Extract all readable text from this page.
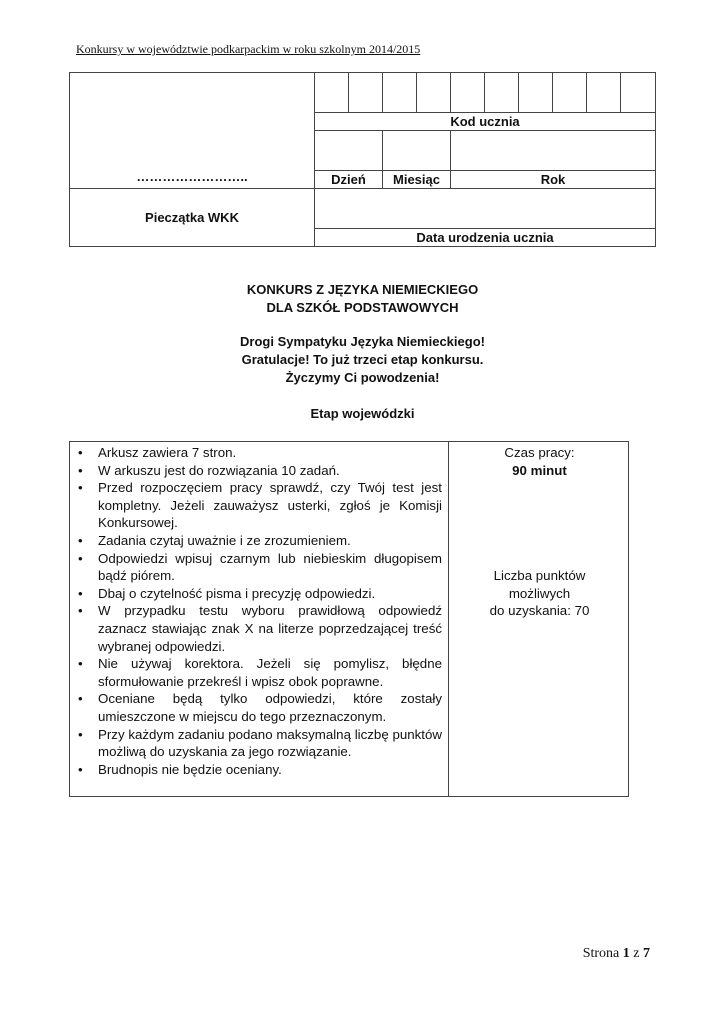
Konkursy w województwie podkarpackim w roku szkolnym 2014/2015
……………………..										
	Kod ucznia									

	Dzień		Miesiąc		Rok					
Pieczątka WKK										
	Data urodzenia ucznia									
KONKURS Z JĘZYKA NIEMIECKIEGO
DLA SZKÓŁ PODSTAWOWYCH
Drogi Sympatyku Języka Niemieckiego!
Gratulacje! To już trzeci etap konkursu.
Życzymy Ci powodzenia!
Etap wojewódzki
• Arkusz zawiera 7 stron.
• W arkuszu jest do rozwiązania 10 zadań.
• Przed rozpoczęciem pracy sprawdź, czy Twój test jest kompletny. Jeżeli zauważysz usterki, zgłoś je Komisji Konkursowej.
• Zadania czytaj uważnie i ze zrozumieniem.
• Odpowiedzi wpisuj czarnym lub niebieskim długopisem bądź piórem.
• Dbaj o czytelność pisma i precyzję odpowiedzi.
• W przypadku testu wyboru prawidłową odpowiedź zaznacz stawiając znak X na literze poprzedzającej treść wybranej odpowiedzi.
• Nie używaj korektora. Jeżeli się pomylisz, błędne sformułowanie przekreśl i wpisz obok poprawne.
• Oceniane będą tylko odpowiedzi, które zostały umieszczone w miejscu do tego przeznaczonym.
• Przy każdym zadaniu podano maksymalną liczbę punktów możliwą do uzyskania za jego rozwiązanie.
• Brudnopis nie będzie oceniany.
Czas pracy:
90 minut
Liczba punktów
możliwych
do uzyskania: 70
Strona 1 z 7
